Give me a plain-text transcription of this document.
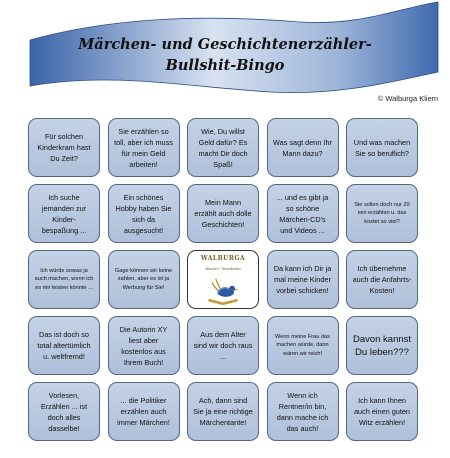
Märchen- und Geschichtenerzähler-
Bullshit-Bingo
© Walburga Kliem
Für solchen Kinderkram hast Du Zeit?
Sie erzählen so toll, aber ich muss für mein Geld arbeiten!
Wie, Du willst Geld dafür? Es macht Dir doch Spaß!
Was sagt denn Ihr Mann dazu?
Und was machen Sie so beruflich?
Ich suche jemanden zur Kinder-bespaßung ...
Ein schönes Hobby haben Sie sich da ausgesucht!
Mein Mann erzählt auch dolle Geschichten!
... und es gibt ja so schöne Märchen-CD's und Videos ...
Sie sollen doch nur 20 min erzählen u. das kostet so viel?
Ich würde sowas ja auch machen, wenn ich es mir leisten könnte ...
Gage können wir keine zahlen, aber es ist ja Werbung für Sie!
WALBURGA
Märchen · Geschichten	Da kann ich Dir ja mal meine Kinder vorbei schicken!
Ich übernehme auch die Anfahrts-Kosten!
Das ist doch so total altertümlich u. weltfremd!
Die Autorin XY liest aber kostenlos aus Ihrem Buch!
Aus dem Alter sind wir doch raus ...
Wenn meine Frau das machen würde, dann wären wir reich!
Davon kannst Du leben???
Vorlesen, Erzählen ... ist doch alles dasselbe!
... die Politiker erzählen auch immer Märchen!
Ach, dann sind Sie ja eine richtige Märchentante!
Wenn ich Rentner/in bin, dann mache ich das auch!
Ich kann Ihnen auch einen guten Witz erzählen!
